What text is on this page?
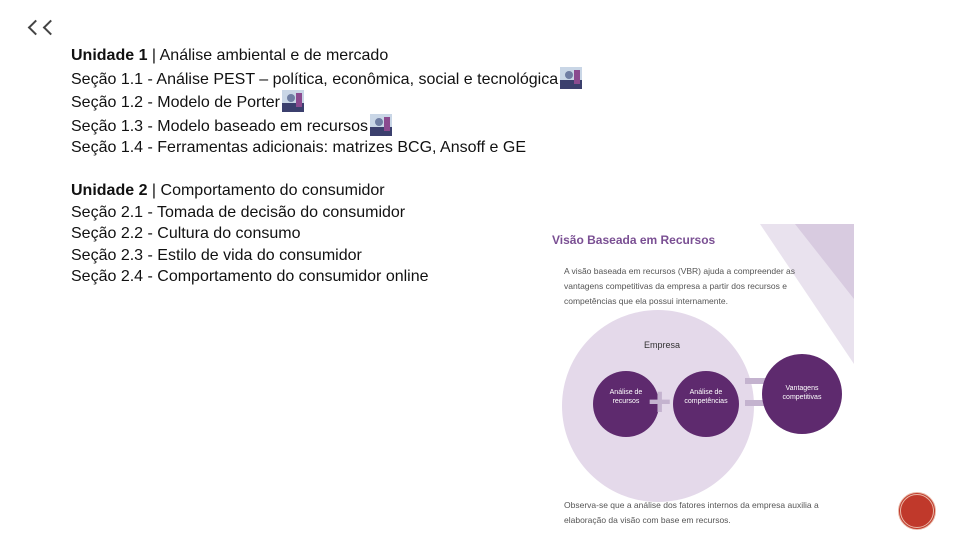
Unidade 1 | Análise ambiental e de mercado
Seção 1.1 - Análise PEST – política, econômica, social e tecnológica
Seção 1.2 - Modelo de Porter
Seção 1.3 - Modelo baseado em recursos
Seção 1.4 - Ferramentas adicionais: matrizes BCG, Ansoff e GE
Unidade 2 | Comportamento do consumidor
Seção 2.1 - Tomada de decisão do consumidor
Seção 2.2 - Cultura do consumo
Seção 2.3 - Estilo de vida do consumidor
Seção 2.4 - Comportamento do consumidor online
Visão Baseada em Recursos
A visão baseada em recursos (VBR) ajuda a compreender as vantagens competitivas da empresa a partir dos recursos e competências que ela possui internamente.
Empresa
Análise de recursos +	Análise de competências
Vantagens competitivas
Observa-se que a análise dos fatores internos da empresa auxilia a elaboração da visão com base em recursos.
